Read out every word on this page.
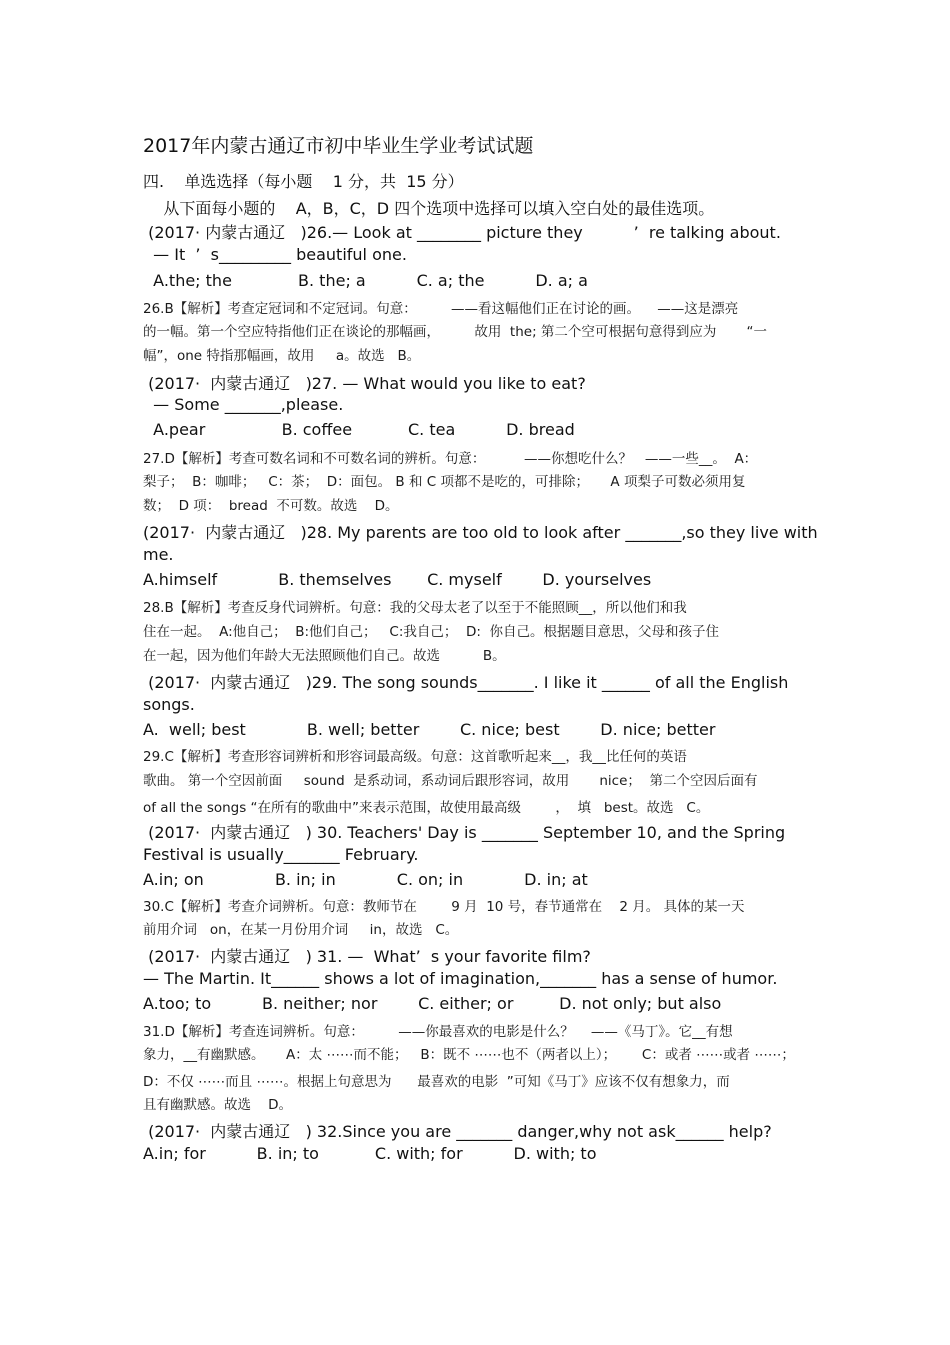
2017年内蒙古通辽市初中毕业生学业考试试题
四.    单选选择（每小题    1 分，共  15 分）
从下面每小题的    A，B，C，D 四个选项中选择可以填入空白处的最佳选项。
(2017· 内蒙古通辽   )26.— Look at ________ picture they          ’  re talking about.
— It  ’  s_________ beautiful one.
A.the; the             B. the; a          C. a; the          D. a; a
26.B【解析】考查定冠词和不定冠词。句意：        ——看这幅他们正在讨论的画。    ——这是漂亮
的一幅。第一个空应特指他们正在谈论的那幅画，        故用  the; 第二个空可根据句意得到应为       “一
幅”，one 特指那幅画，故用     a。故选   B。
(2017·  内蒙古通辽   )27. — What would you like to eat?
— Some _______,please.
A.pear               B. coffee           C. tea          D. bread
27.D【解析】考查可数名词和不可数名词的辨析。句意：         ——你想吃什么？   ——一些__。  A：
梨子；  B：咖啡；   C：茶；  D：面包。 B 和 C 项都不是吃的，可排除；     A 项梨子可数必须用复
数；  D 项：  bread  不可数。故选    D。
(2017·  内蒙古通辽   )28. My parents are too old to look after _______,so they live with
me.
A.himself            B. themselves       C. myself        D. yourselves
28.B【解析】考查反身代词辨析。句意：我的父母太老了以至于不能照顾__，所以他们和我
住在一起。  A:他自己；  B:他们自己；   C:我自己；  D:  你自己。根据题目意思，父母和孩子住
在一起，因为他们年龄大无法照顾他们自己。故选          B。
(2017·  内蒙古通辽   )29. The song sounds_______. I like it ______ of all the English
songs.
A.  well; best            B. well; better        C. nice; best        D. nice; better
29.C【解析】考查形容词辨析和形容词最高级。句意：这首歌听起来__，我__比任何的英语
歌曲。 第一个空因前面     sound  是系动词，系动词后跟形容词，故用       nice；  第二个空因后面有
of all the songs “在所有的歌曲中”来表示范围，故使用最高级        ，  填   best。故选   C。
(2017·  内蒙古通辽   ) 30. Teachers' Day is _______ September 10, and the Spring
Festival is usually_______ February.
A.in; on              B. in; in            C. on; in            D. in; at
30.C【解析】考查介词辨析。句意：教师节在        9 月  10 号，春节通常在    2 月。 具体的某一天
前用介词   on，在某一月份用介词     in，故选   C。
(2017·  内蒙古通辽   ) 31. —  What’  s your favorite film?
— The Martin. It______ shows a lot of imagination,_______ has a sense of humor.
A.too; to          B. neither; nor        C. either; or         D. not only; but also
31.D【解析】考查连词辨析。句意：        ——你最喜欢的电影是什么？    ——《马丁》。它__有想
象力，__有幽默感。     A：太 ⋯⋯而不能；   B：既不 ⋯⋯也不（两者以上）；      C：或者 ⋯⋯或者 ⋯⋯；
D：不仅 ⋯⋯而且 ⋯⋯。根据上句意思为      最喜欢的电影  ”可知《马丁》应该不仅有想象力，而
且有幽默感。故选    D。
(2017·  内蒙古通辽   ) 32.Since you are _______ danger,why not ask______ help?
A.in; for          B. in; to           C. with; for          D. with; to
